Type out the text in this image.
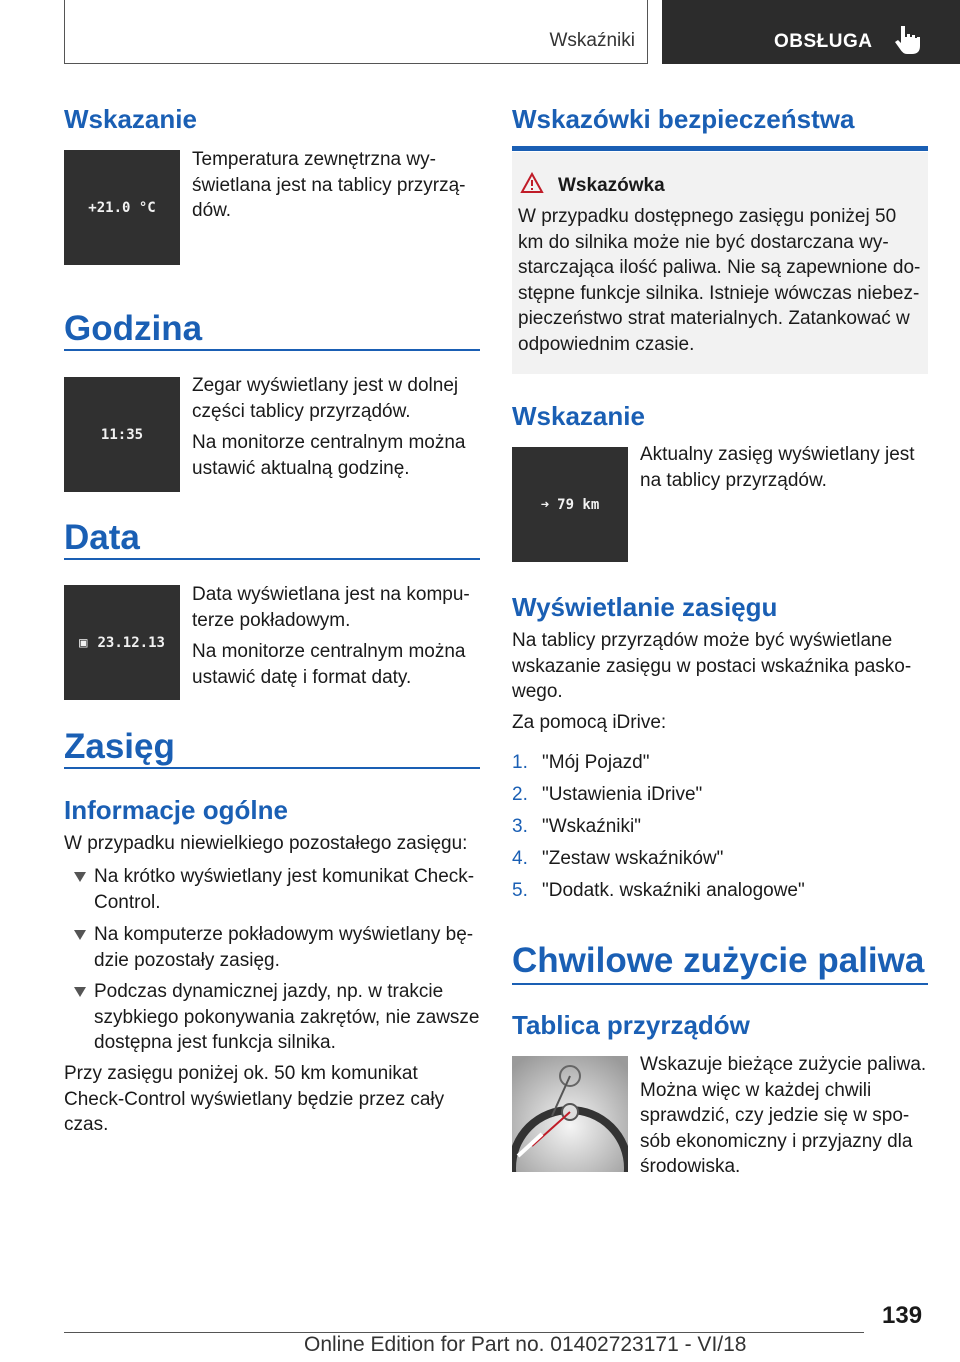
Wskaźniki	OBSŁUGA
Wskazanie
+21.0 °C

Temperatura zewnętrzna wy-świetlana jest na tablicy przyrzą-dów.

Godzina
11:35

Zegar wyświetlany jest w dolnej części tablicy przyrządów.

Na monitorze centralnym można ustawić aktualną godzinę.

Data
▣ 23.12.13

Data wyświetlana jest na kompu-terze pokładowym.

Na monitorze centralnym można ustawić datę i format daty.

Zasięg
Informacje ogólne

W przypadku niewielkiego pozostałego zasięgu:

Na krótko wyświetlany jest komunikat Check-Control.
Na komputerze pokładowym wyświetlany bę-dzie pozostały zasięg.
Podczas dynamicznej jazdy, np. w trakcie szybkiego pokonywania zakrętów, nie zawsze dostępna jest funkcja silnika.

Przy zasięgu poniżej ok. 50 km komunikat Check-Control wyświetlany będzie przez cały czas.

Wskazówki bezpieczeństwa
Wskazówka

W przypadku dostępnego zasięgu poniżej 50 km do silnika może nie być dostarczana wy-starczająca ilość paliwa. Nie są zapewnione do-stępne funkcje silnika. Istnieje wówczas niebez-pieczeństwo strat materialnych. Zatankować w odpowiednim czasie.

Wskazanie
➜ 79 km

Aktualny zasięg wyświetlany jest na tablicy przyrządów.

Wyświetlanie zasięgu

Na tablicy przyrządów może być wyświetlane wskazanie zasięgu w postaci wskaźnika pasko-wego.

Za pomocą iDrive:

1. "Mój Pojazd"
2. "Ustawienia iDrive"
3. "Wskaźniki"
4. "Zestaw wskaźników"
5. "Dodatk. wskaźniki analogowe"
Chwilowe zużycie paliwa
Tablica przyrządów

Wskazuje bieżące zużycie paliwa. Można więc w każdej chwili sprawdzić, czy jedzie się w spo-sób ekonomiczny i przyjazny dla środowiska.

139
Online Edition for Part no. 01402723171 - VI/18
